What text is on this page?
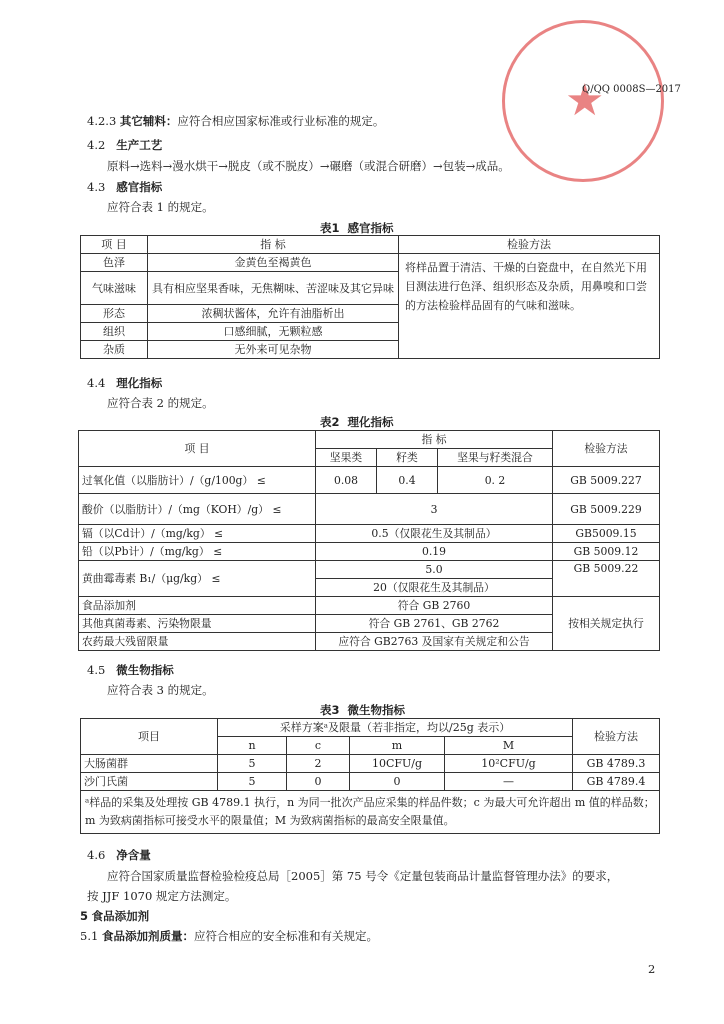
★
Q/QQ 0008S—2017
4.2.3 其它辅料：应符合相应国家标准或行业标准的规定。
4.2 生产工艺
原料→选料→漫水烘干→脱皮（或不脱皮）→碾磨（或混合研磨）→包装→成品。
4.3 感官指标
应符合表 1 的规定。
表1 感官指标
项 目	指 标	检验方法
色泽	金黄色至褐黄色	将样品置于清洁、干燥的白瓷盘中，在自然光下用目测法进行色泽、组织形态及杂质，用鼻嗅和口尝的方法检验样品固有的气味和滋味。
气味滋味	具有相应坚果香味，无焦糊味、苦涩味及其它异味	
形态	浓稠状酱体，允许有油脂析出	
组织	口感细腻，无颗粒感	
杂质	无外来可见杂物	
4.4 理化指标
应符合表 2 的规定。
表2 理化指标
项 目	指 标			检验方法
	坚果类	籽类	坚果与籽类混合	
过氧化值（以脂肪计）/（g/100g） ≤	0.08	0.4	0. 2	GB 5009.227
酸价（以脂肪计）/（mg（KOH）/g） ≤	3			GB 5009.229
镉（以Cd计）/（mg/kg） ≤	0.5（仅限花生及其制品）			GB5009.15
铅（以Pb计）/（mg/kg） ≤	0.19			GB 5009.12
黄曲霉毒素 B₁/（μg/kg） ≤	5.0			GB 5009.22
	20（仅限花生及其制品）			
食品添加剂	符合 GB 2760			按相关规定执行
其他真菌毒素、污染物限量	符合 GB 2761、GB 2762			
农药最大残留限量	应符合 GB2763 及国家有关规定和公告			
4.5 微生物指标
应符合表 3 的规定。
表3 微生物指标
项目	采样方案ᵃ及限量（若非指定，均以/25g 表示）				检验方法
	n	c	m	M	
大肠菌群	5	2	10CFU/g	10²CFU/g	GB 4789.3
沙门氏菌	5	0	0	—	GB 4789.4
ᵃ样品的采集及处理按 GB 4789.1 执行，n 为同一批次产品应采集的样品件数；c 为最大可允许超出 m 值的样品数；m 为致病菌指标可接受水平的限量值；M 为致病菌指标的最高安全限量值。					
4.6 净含量
应符合国家质量监督检验检疫总局［2005］第 75 号令《定量包装商品计量监督管理办法》的要求，
按 JJF 1070 规定方法测定。
5 食品添加剂
5.1 食品添加剂质量：应符合相应的安全标准和有关规定。
2
